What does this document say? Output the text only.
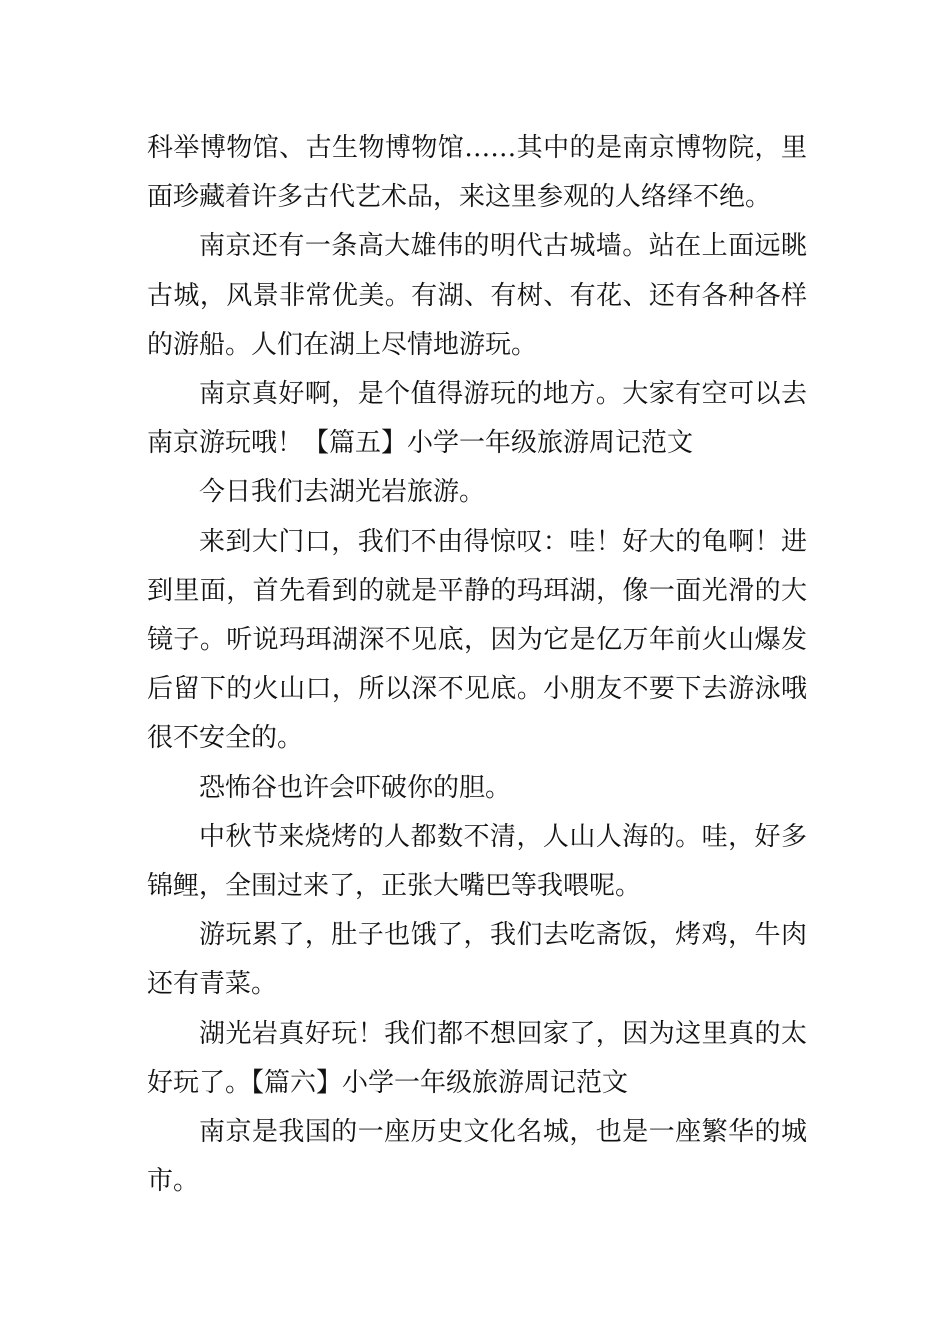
科举博物馆、古生物博物馆……其中的是南京博物院，里面珍藏着许多古代艺术品，来这里参观的人络绎不绝。

南京还有一条高大雄伟的明代古城墙。站在上面远眺古城，风景非常优美。有湖、有树、有花、还有各种各样的游船。人们在湖上尽情地游玩。

南京真好啊，是个值得游玩的地方。大家有空可以去南京游玩哦！【篇五】小学一年级旅游周记范文

今日我们去湖光岩旅游。

来到大门口，我们不由得惊叹：哇！好大的龟啊！进到里面，首先看到的就是平静的玛珥湖，像一面光滑的大镜子。听说玛珥湖深不见底，因为它是亿万年前火山爆发后留下的火山口，所以深不见底。小朋友不要下去游泳哦很不安全的。

恐怖谷也许会吓破你的胆。

中秋节来烧烤的人都数不清，人山人海的。哇，好多锦鲤，全围过来了，正张大嘴巴等我喂呢。

游玩累了，肚子也饿了，我们去吃斋饭，烤鸡，牛肉还有青菜。

湖光岩真好玩！我们都不想回家了，因为这里真的太好玩了。【篇六】小学一年级旅游周记范文

南京是我国的一座历史文化名城，也是一座繁华的城市。
